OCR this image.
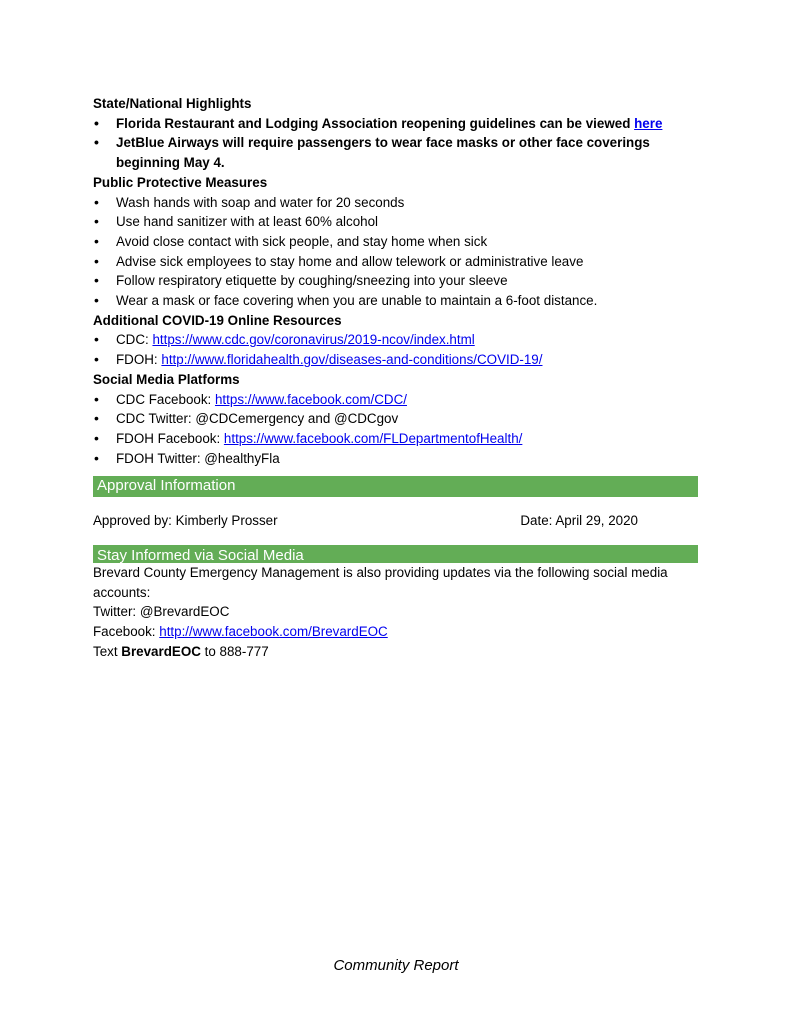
State/National Highlights
• Florida Restaurant and Lodging Association reopening guidelines can be viewed here
• JetBlue Airways will require passengers to wear face masks or other face coverings beginning May 4.
Public Protective Measures
• Wash hands with soap and water for 20 seconds
• Use hand sanitizer with at least 60% alcohol
• Avoid close contact with sick people, and stay home when sick
• Advise sick employees to stay home and allow telework or administrative leave
• Follow respiratory etiquette by coughing/sneezing into your sleeve
• Wear a mask or face covering when you are unable to maintain a 6-foot distance.
Additional COVID-19 Online Resources
• CDC: https://www.cdc.gov/coronavirus/2019-ncov/index.html
• FDOH: http://www.floridahealth.gov/diseases-and-conditions/COVID-19/
Social Media Platforms
• CDC Facebook: https://www.facebook.com/CDC/
• CDC Twitter: @CDCemergency and @CDCgov
• FDOH Facebook: https://www.facebook.com/FLDepartmentofHealth/
• FDOH Twitter: @healthyFla
Approval Information
Approved by: Kimberly Prosser	Date: April 29, 2020
Stay Informed via Social Media
Brevard County Emergency Management is also providing updates via the following social media accounts:
Twitter: @BrevardEOC
Facebook: http://www.facebook.com/BrevardEOC
Text BrevardEOC to 888-777
Community Report
